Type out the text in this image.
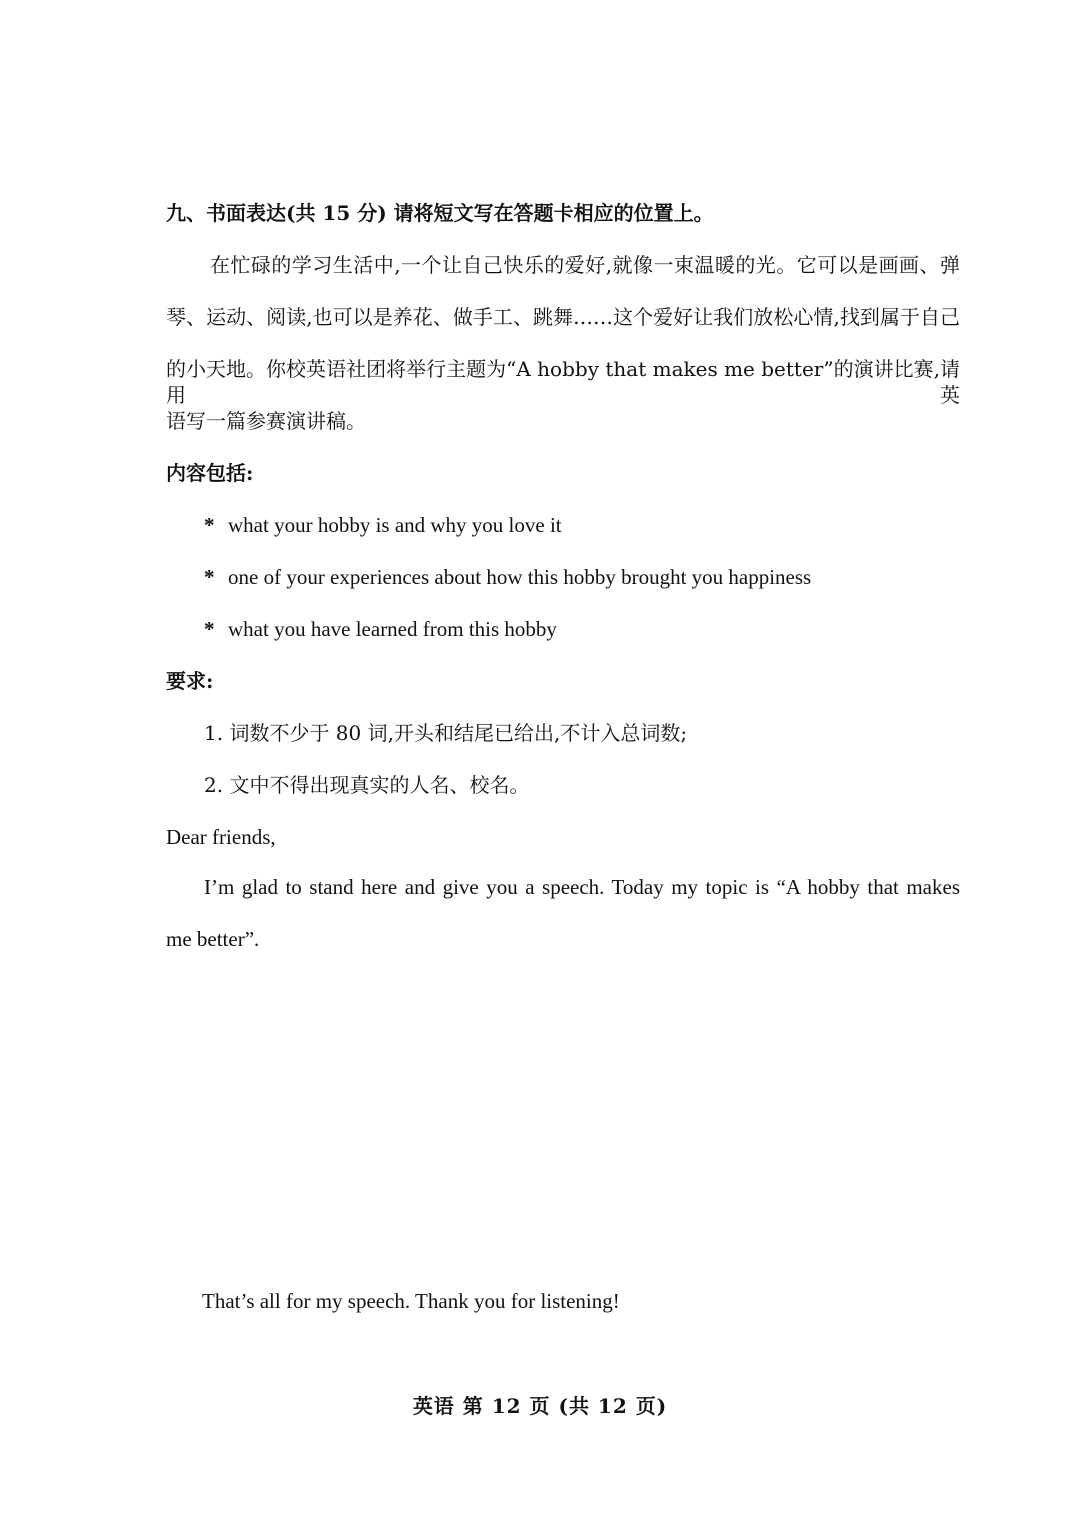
九、书面表达(共 15 分) 请将短文写在答题卡相应的位置上。
在忙碌的学习生活中,一个让自己快乐的爱好,就像一束温暖的光。它可以是画画、弹
琴、运动、阅读,也可以是养花、做手工、跳舞……这个爱好让我们放松心情,找到属于自己
的小天地。你校英语社团将举行主题为“A hobby that makes me better”的演讲比赛,请用英
语写一篇参赛演讲稿。
内容包括:
* what your hobby is and why you love it
* one of your experiences about how this hobby brought you happiness
* what you have learned from this hobby
要求:
1. 词数不少于 80 词,开头和结尾已给出,不计入总词数;
2. 文中不得出现真实的人名、校名。
Dear friends,
I’m glad to stand here and give you a speech. Today my topic is “A hobby that makes
me better”.
That’s all for my speech. Thank you for listening!
英语 第 12 页 (共 12 页)
